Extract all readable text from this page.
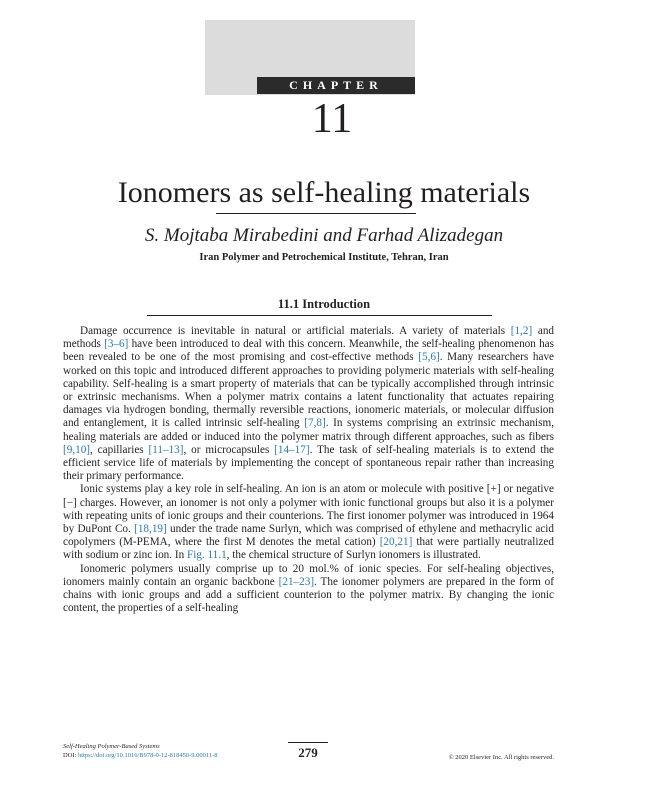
CHAPTER
11
Ionomers as self-healing materials
S. Mojtaba Mirabedini and Farhad Alizadegan
Iran Polymer and Petrochemical Institute, Tehran, Iran
11.1 Introduction

Damage occurrence is inevitable in natural or artificial materials. A variety of materials [1,2] and methods [3–6] have been introduced to deal with this concern. Meanwhile, the self-healing phenomenon has been revealed to be one of the most promising and cost-effective methods [5,6]. Many researchers have worked on this topic and introduced different approaches to providing polymeric materials with self-healing capability. Self-healing is a smart property of materials that can be typically accomplished through intrinsic or extrinsic mechanisms. When a polymer matrix contains a latent functionality that actuates repairing damages via hydrogen bonding, thermally reversible reactions, ionomeric materials, or molecular diffusion and entanglement, it is called intrinsic self-healing [7,8]. In systems comprising an extrinsic mechanism, healing materials are added or induced into the polymer matrix through different approaches, such as fibers [9,10], capillaries [11–13], or microcapsules [14–17]. The task of self-healing materials is to extend the efficient service life of materials by implementing the concept of spontaneous repair rather than increasing their primary performance.

Ionic systems play a key role in self-healing. An ion is an atom or molecule with positive [+] or negative [−] charges. However, an ionomer is not only a polymer with ionic functional groups but also it is a polymer with repeating units of ionic groups and their counterions. The first ionomer polymer was introduced in 1964 by DuPont Co. [18,19] under the trade name Surlyn, which was comprised of ethylene and methacrylic acid copolymers (M-PEMA, where the first M denotes the metal cation) [20,21] that were partially neutralized with sodium or zinc ion. In Fig. 11.1, the chemical structure of Surlyn ionomers is illustrated.

Ionomeric polymers usually comprise up to 20 mol.% of ionic species. For self-healing objectives, ionomers mainly contain an organic backbone [21–23]. The ionomer polymers are prepared in the form of chains with ionic groups and add a sufficient counterion to the polymer matrix. By changing the ionic content, the properties of a self-healing

Self-Healing Polymer-Based Systems
DOI: https://doi.org/10.1016/B978-0-12-818450-9.00011-8	279	© 2020 Elsevier Inc. All rights reserved.
